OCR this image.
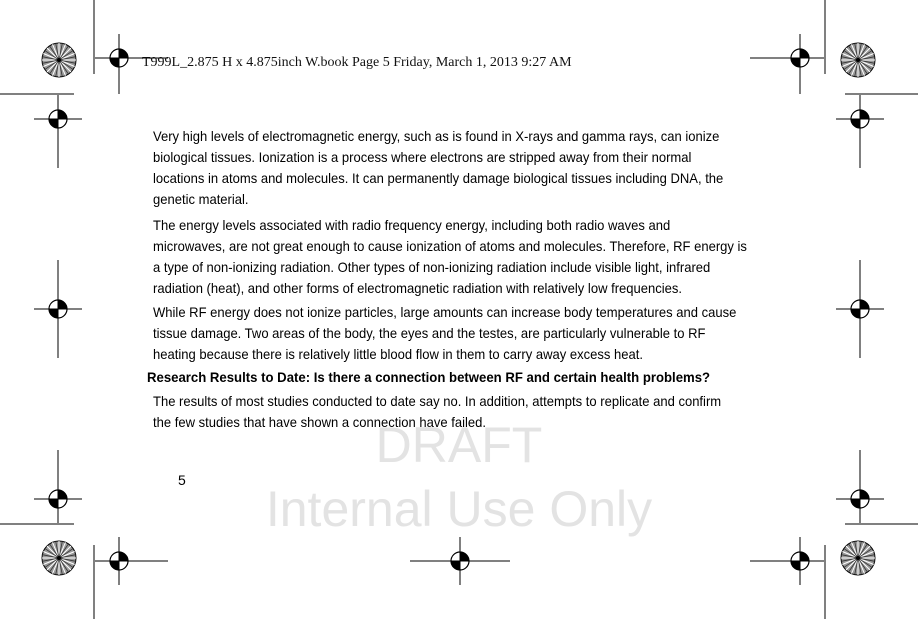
T999L_2.875 H x 4.875inch W.book Page 5 Friday, March 1, 2013 9:27 AM
DRAFT
Internal Use Only
Very high levels of electromagnetic energy, such as is found in X-rays and gamma rays, can ionize
biological tissues. Ionization is a process where electrons are stripped away from their normal
locations in atoms and molecules. It can permanently damage biological tissues including DNA, the
genetic material.
The energy levels associated with radio frequency energy, including both radio waves and
microwaves, are not great enough to cause ionization of atoms and molecules. Therefore, RF energy is
a type of non-ionizing radiation. Other types of non-ionizing radiation include visible light, infrared
radiation (heat), and other forms of electromagnetic radiation with relatively low frequencies.
While RF energy does not ionize particles, large amounts can increase body temperatures and cause
tissue damage. Two areas of the body, the eyes and the testes, are particularly vulnerable to RF
heating because there is relatively little blood flow in them to carry away excess heat.
Research Results to Date: Is there a connection between RF and certain health problems?
The results of most studies conducted to date say no. In addition, attempts to replicate and confirm
the few studies that have shown a connection have failed.
5
